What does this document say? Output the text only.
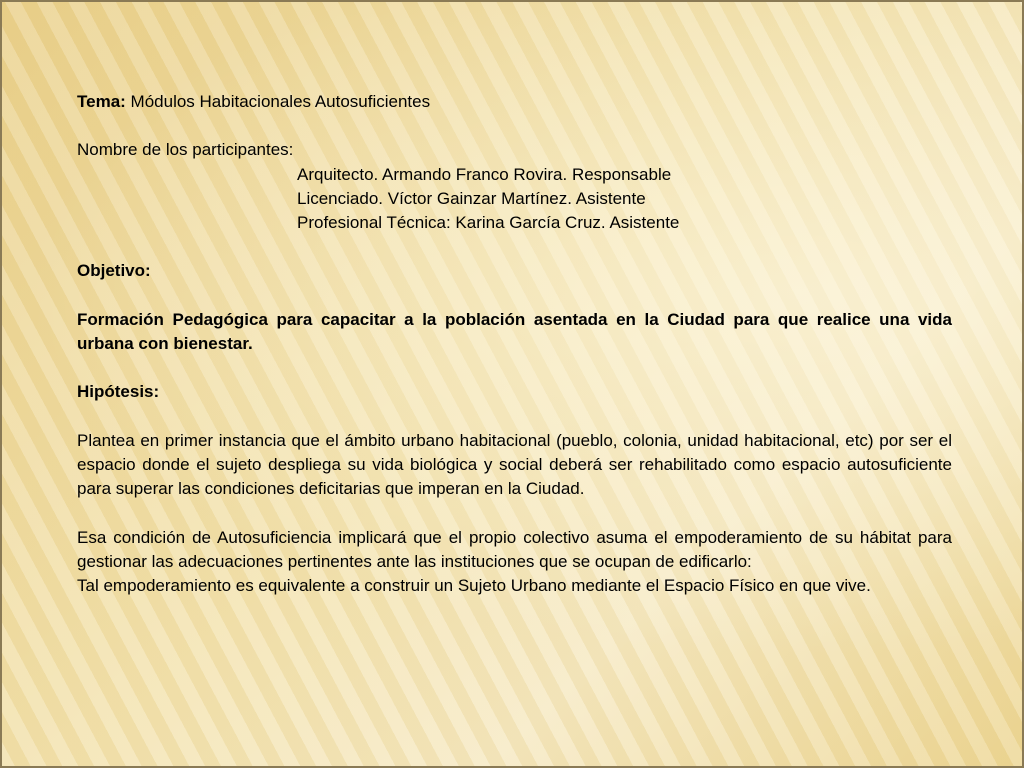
Tema: Módulos Habitacionales Autosuficientes

Nombre de los participantes:

Arquitecto. Armando Franco Rovira. Responsable

Licenciado. Víctor Gainzar Martínez. Asistente

Profesional Técnica: Karina García Cruz. Asistente

Objetivo:

Formación Pedagógica para capacitar a la población asentada en la Ciudad para que realice una vida urbana con bienestar.

Hipótesis:

Plantea en primer instancia que el ámbito urbano habitacional (pueblo, colonia, unidad habitacional, etc) por ser el espacio donde el sujeto despliega su vida biológica y social deberá ser rehabilitado como espacio autosuficiente para superar las condiciones deficitarias que imperan en la Ciudad.

Esa condición de Autosuficiencia implicará que el propio colectivo asuma el empoderamiento de su hábitat para gestionar las adecuaciones pertinentes ante las instituciones que se ocupan de edificarlo:

Tal empoderamiento es equivalente a construir un Sujeto Urbano mediante el Espacio Físico en que vive.
